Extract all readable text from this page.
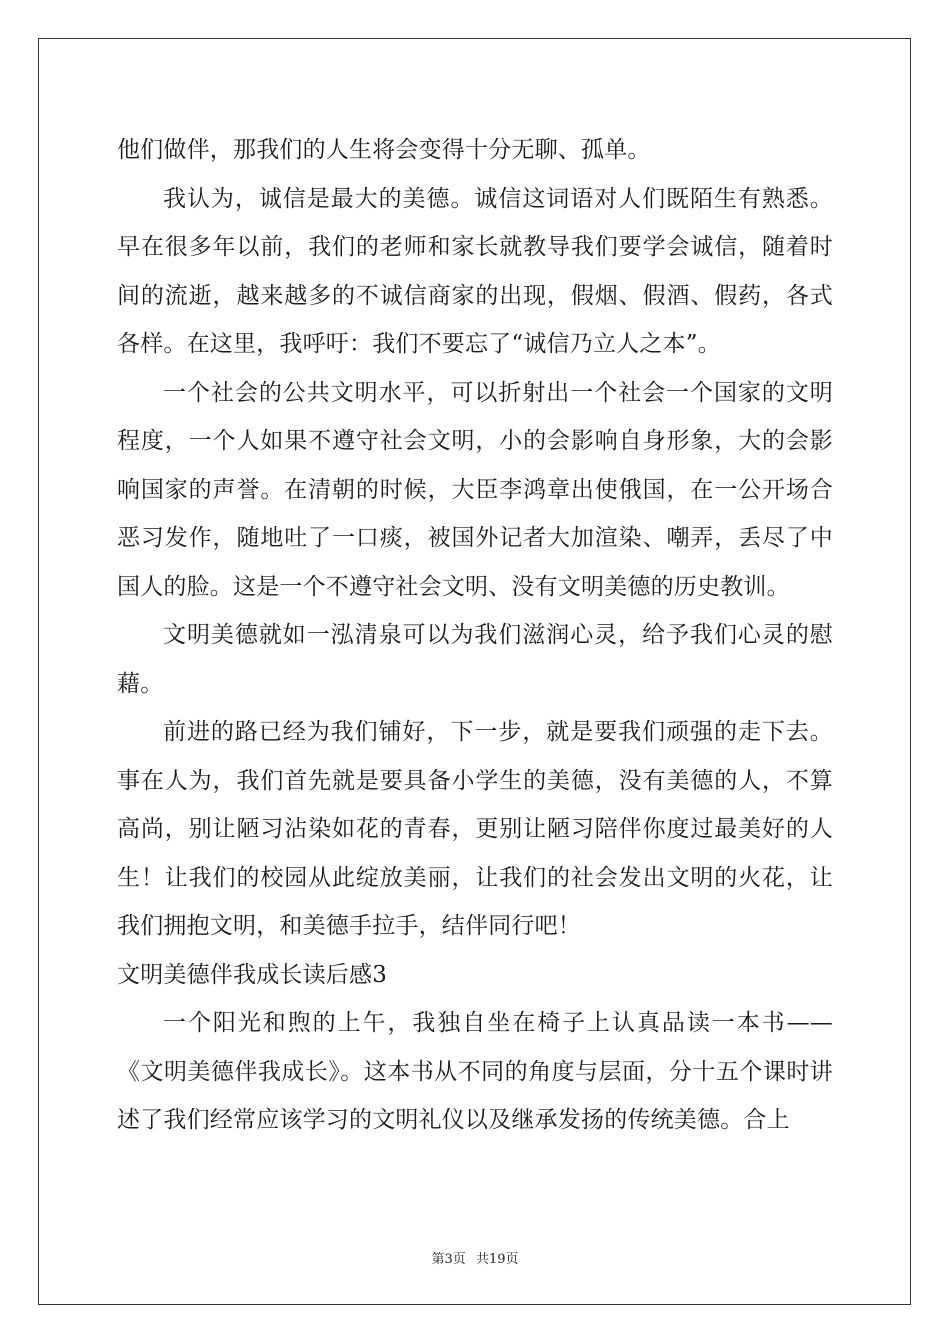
他们做伴，那我们的人生将会变得十分无聊、孤单。

我认为，诚信是最大的美德。诚信这词语对人们既陌生有熟悉。早在很多年以前，我们的老师和家长就教导我们要学会诚信，随着时间的流逝，越来越多的不诚信商家的出现，假烟、假酒、假药，各式各样。在这里，我呼吁：我们不要忘了“诚信乃立人之本”。

一个社会的公共文明水平，可以折射出一个社会一个国家的文明程度，一个人如果不遵守社会文明，小的会影响自身形象，大的会影响国家的声誉。在清朝的时候，大臣李鸿章出使俄国，在一公开场合恶习发作，随地吐了一口痰，被国外记者大加渲染、嘲弄，丢尽了中国人的脸。这是一个不遵守社会文明、没有文明美德的历史教训。

文明美德就如一泓清泉可以为我们滋润心灵，给予我们心灵的慰藉。

前进的路已经为我们铺好，下一步，就是要我们顽强的走下去。事在人为，我们首先就是要具备小学生的美德，没有美德的人，不算高尚，别让陋习沾染如花的青春，更别让陋习陪伴你度过最美好的人生！让我们的校园从此绽放美丽，让我们的社会发出文明的火花，让我们拥抱文明，和美德手拉手，结伴同行吧！

文明美德伴我成长读后感3

一个阳光和煦的上午，我独自坐在椅子上认真品读一本书——《文明美德伴我成长》。这本书从不同的角度与层面，分十五个课时讲述了我们经常应该学习的文明礼仪以及继承发扬的传统美德。合上

第3页 共19页
